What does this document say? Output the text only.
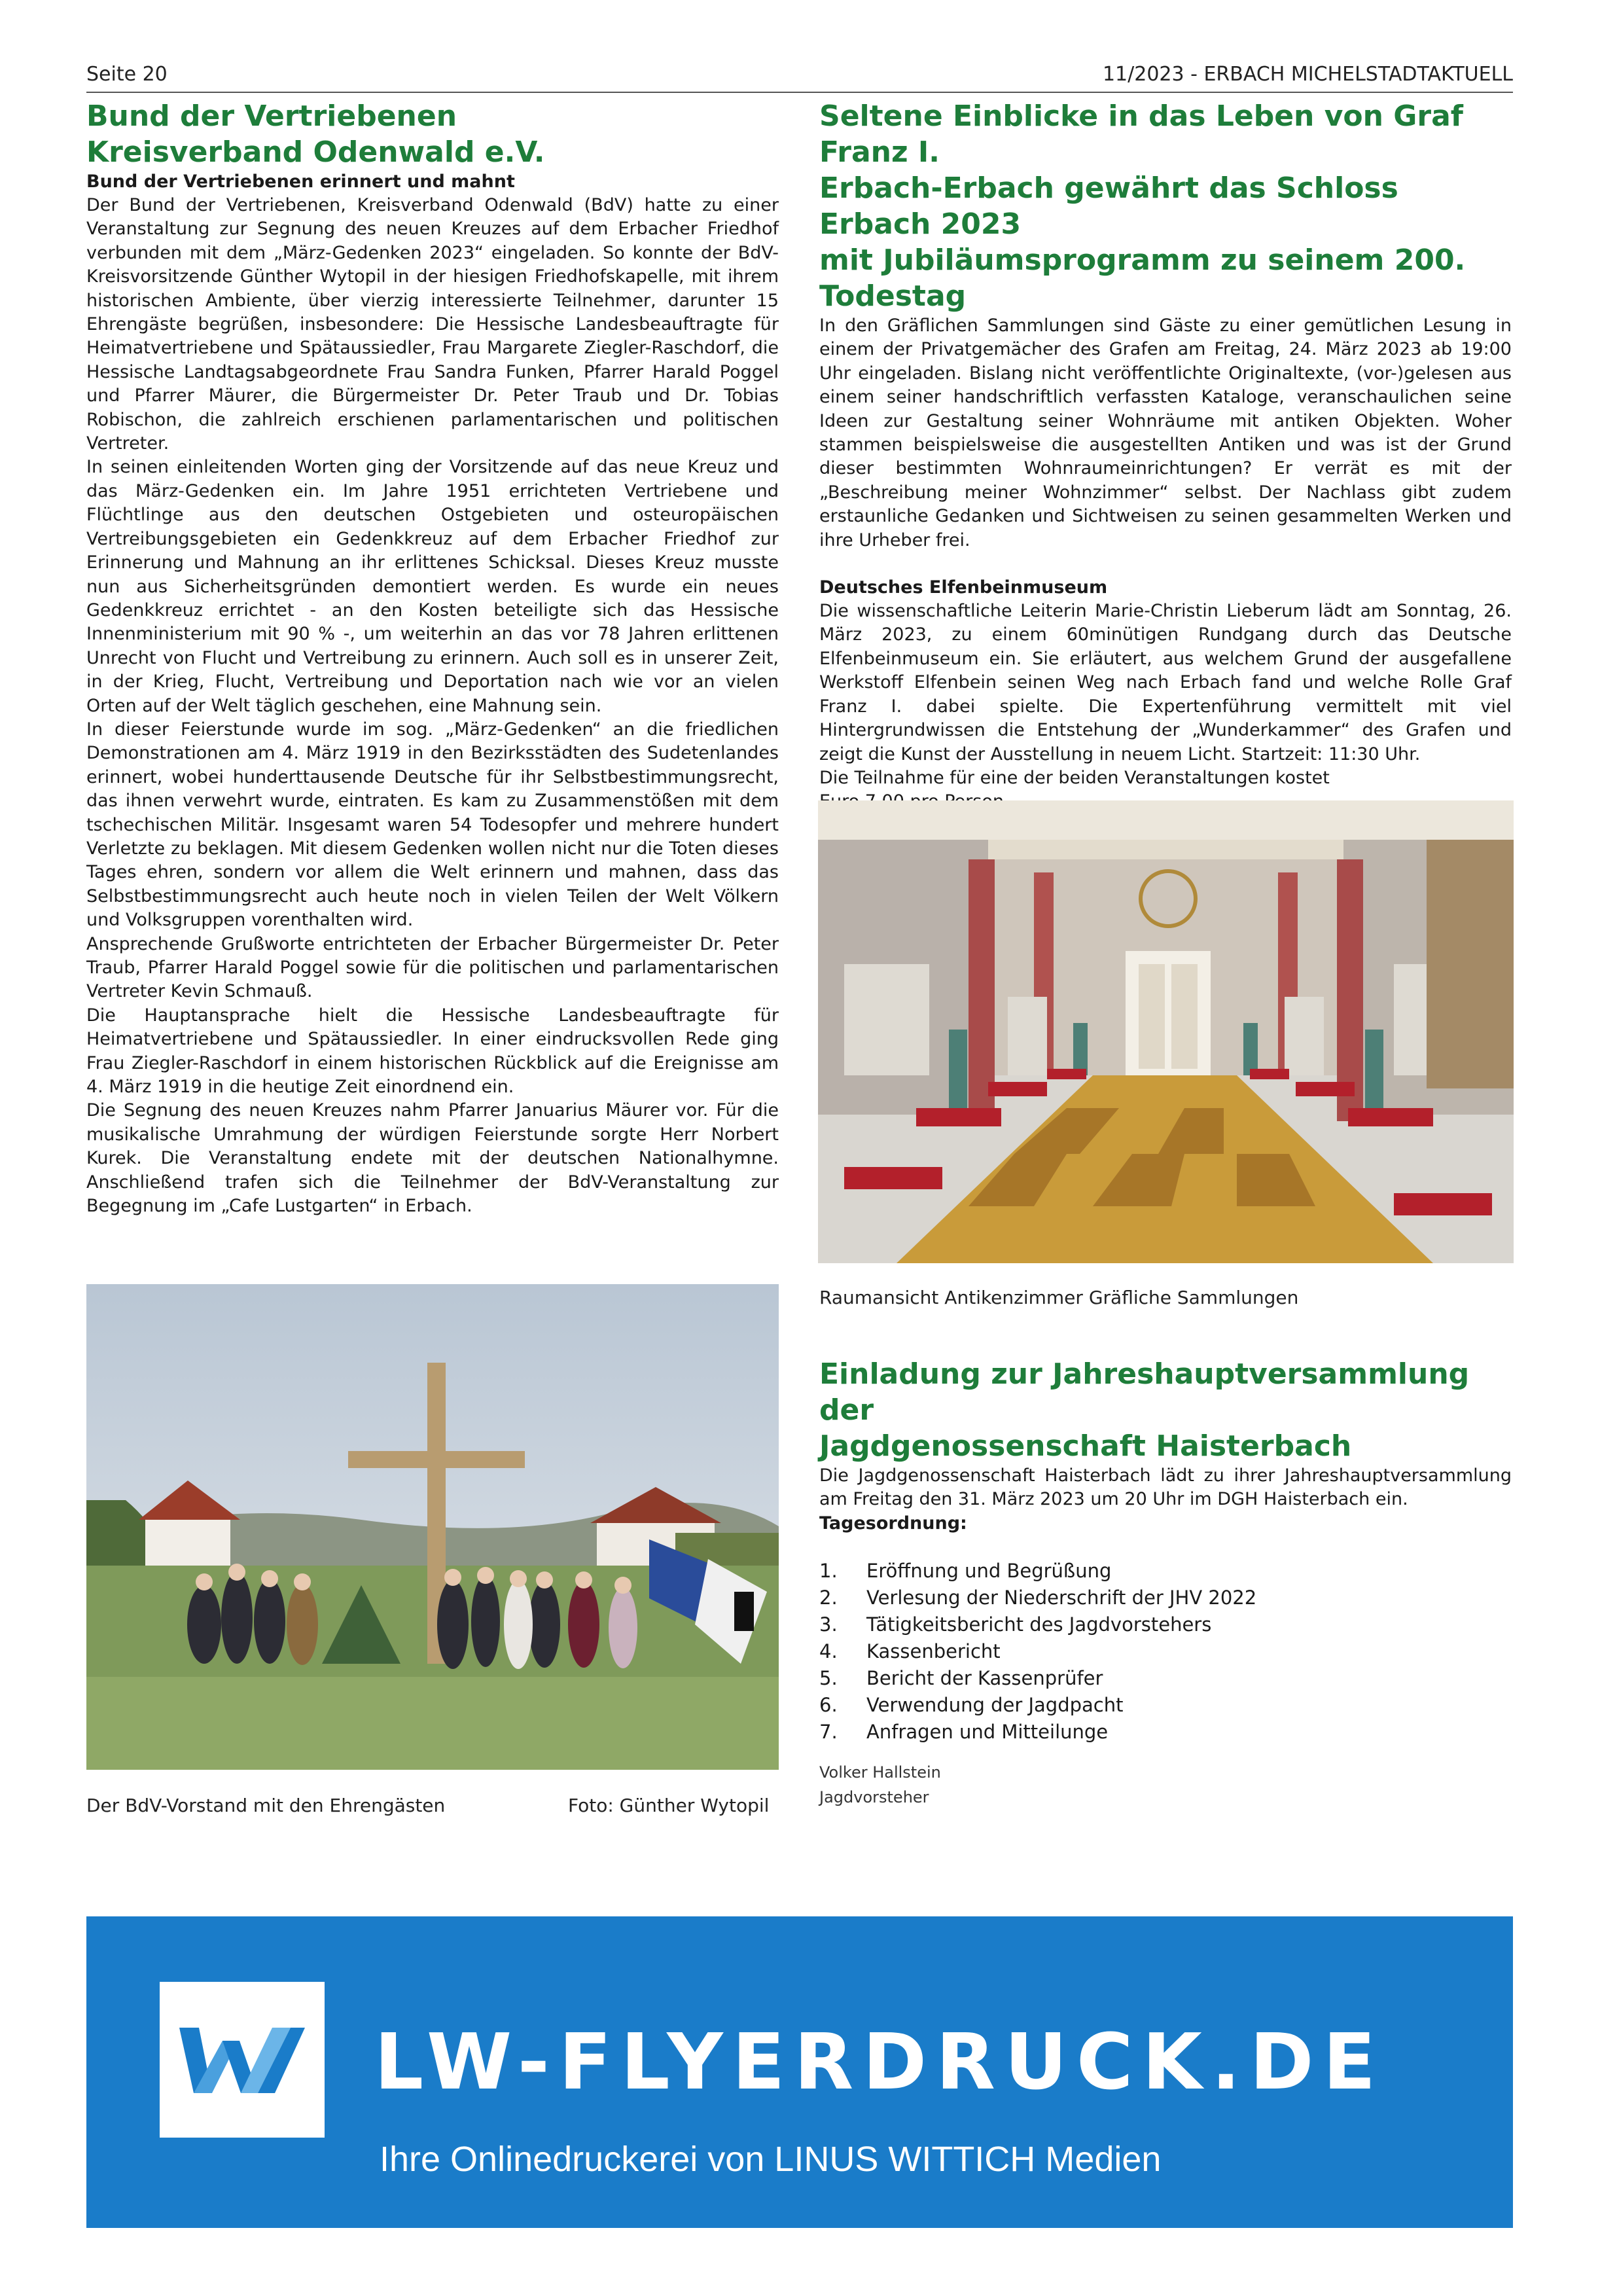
Seite 20	11/2023 - ERBACH MICHELSTADTAKTUELL
Bund der Vertriebenen
Kreisverband Odenwald e.V.

Bund der Vertriebenen erinnert und mahnt

Der Bund der Vertriebenen, Kreisverband Odenwald (BdV) hatte zu einer Veranstaltung zur Segnung des neuen Kreuzes auf dem Erbacher Friedhof verbunden mit dem „März-Gedenken 2023“ eingeladen. So konnte der BdV-Kreisvorsitzende Günther Wytopil in der hiesigen Friedhofskapelle, mit ihrem historischen Ambiente, über vierzig interessierte Teilnehmer, darunter 15 Ehrengäste begrüßen, insbesondere: Die Hessische Landesbeauftragte für Heimatvertriebene und Spätaussiedler, Frau Margarete Ziegler-Raschdorf, die Hessische Landtagsabgeordnete Frau Sandra Funken, Pfarrer Harald Poggel und Pfarrer Mäurer, die Bürgermeister Dr. Peter Traub und Dr. Tobias Robischon, die zahlreich erschienen parlamentarischen und politischen Vertreter.

In seinen einleitenden Worten ging der Vorsitzende auf das neue Kreuz und das März-Gedenken ein. Im Jahre 1951 errichteten Vertriebene und Flüchtlinge aus den deutschen Ostgebieten und osteuropäischen Vertreibungsgebieten ein Gedenkkreuz auf dem Erbacher Friedhof zur Erinnerung und Mahnung an ihr erlittenes Schicksal. Dieses Kreuz musste nun aus Sicherheitsgründen demontiert werden. Es wurde ein neues Gedenkkreuz errichtet - an den Kosten beteiligte sich das Hessische Innenministerium mit 90 % -, um weiterhin an das vor 78 Jahren erlittenen Unrecht von Flucht und Vertreibung zu erinnern. Auch soll es in unserer Zeit, in der Krieg, Flucht, Vertreibung und Deportation nach wie vor an vielen Orten auf der Welt täglich geschehen, eine Mahnung sein.

In dieser Feierstunde wurde im sog. „März-Gedenken“ an die friedlichen Demonstrationen am 4. März 1919 in den Bezirksstädten des Sudetenlandes erinnert, wobei hunderttausende Deutsche für ihr Selbstbestimmungsrecht, das ihnen verwehrt wurde, eintraten. Es kam zu Zusammenstößen mit dem tschechischen Militär. Insgesamt waren 54 Todesopfer und mehrere hundert Verletzte zu beklagen. Mit diesem Gedenken wollen nicht nur die Toten dieses Tages ehren, sondern vor allem die Welt erinnern und mahnen, dass das Selbstbestimmungsrecht auch heute noch in vielen Teilen der Welt Völkern und Volksgruppen vorenthalten wird.

Ansprechende Grußworte entrichteten der Erbacher Bürgermeister Dr. Peter Traub, Pfarrer Harald Poggel sowie für die politischen und parlamentarischen Vertreter Kevin Schmauß.

Die Hauptansprache hielt die Hessische Landesbeauftragte für Heimatvertriebene und Spätaussiedler. In einer eindrucksvollen Rede ging Frau Ziegler-Raschdorf in einem historischen Rückblick auf die Ereignisse am 4. März 1919 in die heutige Zeit einordnend ein.

Die Segnung des neuen Kreuzes nahm Pfarrer Januarius Mäurer vor. Für die musikalische Umrahmung der würdigen Feierstunde sorgte Herr Norbert Kurek. Die Veranstaltung endete mit der deutschen Nationalhymne. Anschließend trafen sich die Teilnehmer der BdV-Veranstaltung zur Begegnung im „Cafe Lustgarten“ in Erbach.

Der BdV-Vorstand mit den Ehrengästen	Foto: Günther Wytopil
Seltene Einblicke in das Leben von Graf Franz I.
Erbach-Erbach gewährt das Schloss Erbach 2023
mit Jubiläumsprogramm zu seinem 200. Todestag

In den Gräflichen Sammlungen sind Gäste zu einer gemütlichen Lesung in einem der Privatgemächer des Grafen am Freitag, 24. März 2023 ab 19:00 Uhr eingeladen. Bislang nicht veröffentlichte Originaltexte, (vor-)gelesen aus einem seiner handschriftlich verfassten Kataloge, veranschaulichen seine Ideen zur Gestaltung seiner Wohnräume mit antiken Objekten. Woher stammen beispielsweise die ausgestellten Antiken und was ist der Grund dieser bestimmten Wohnraumeinrichtungen? Er verrät es mit der „Beschreibung meiner Wohnzimmer“ selbst. Der Nachlass gibt zudem erstaunliche Gedanken und Sichtweisen zu seinen gesammelten Werken und ihre Urheber frei.

Deutsches Elfenbeinmuseum

Die wissenschaftliche Leiterin Marie-Christin Lieberum lädt am Sonntag, 26. März 2023, zu einem 60minütigen Rundgang durch das Deutsche Elfenbeinmuseum ein. Sie erläutert, aus welchem Grund der ausgefallene Werkstoff Elfenbein seinen Weg nach Erbach fand und welche Rolle Graf Franz I. dabei spielte. Die Expertenführung vermittelt mit viel Hintergrundwissen die Entstehung der „Wunderkammer“ des Grafen und zeigt die Kunst der Ausstellung in neuem Licht. Startzeit: 11:30 Uhr.

Die Teilnahme für eine der beiden Veranstaltungen kostet

Raumansicht Antikenzimmer Gräfliche Sammlungen
Einladung zur Jahreshauptversammlung der
Jagdgenossenschaft Haisterbach

Die Jagdgenossenschaft Haisterbach lädt zu ihrer Jahreshauptversammlung am Freitag den 31. März 2023 um 20 Uhr im DGH Haisterbach ein.

Tagesordnung:

1.	Eröffnung und Begrüßung
2.	Verlesung der Niederschrift der JHV 2022
3.	Tätigkeitsbericht des Jagdvorstehers
4.	Kassenbericht
5.	Bericht der Kassenprüfer
6.	Verwendung der Jagdpacht
7.	Anfragen und Mitteilunge
Volker Hallstein
Jagdvorsteher
LW-FLYERDRUCK.DE
Ihre Onlinedruckerei von LINUS WITTICH Medien
